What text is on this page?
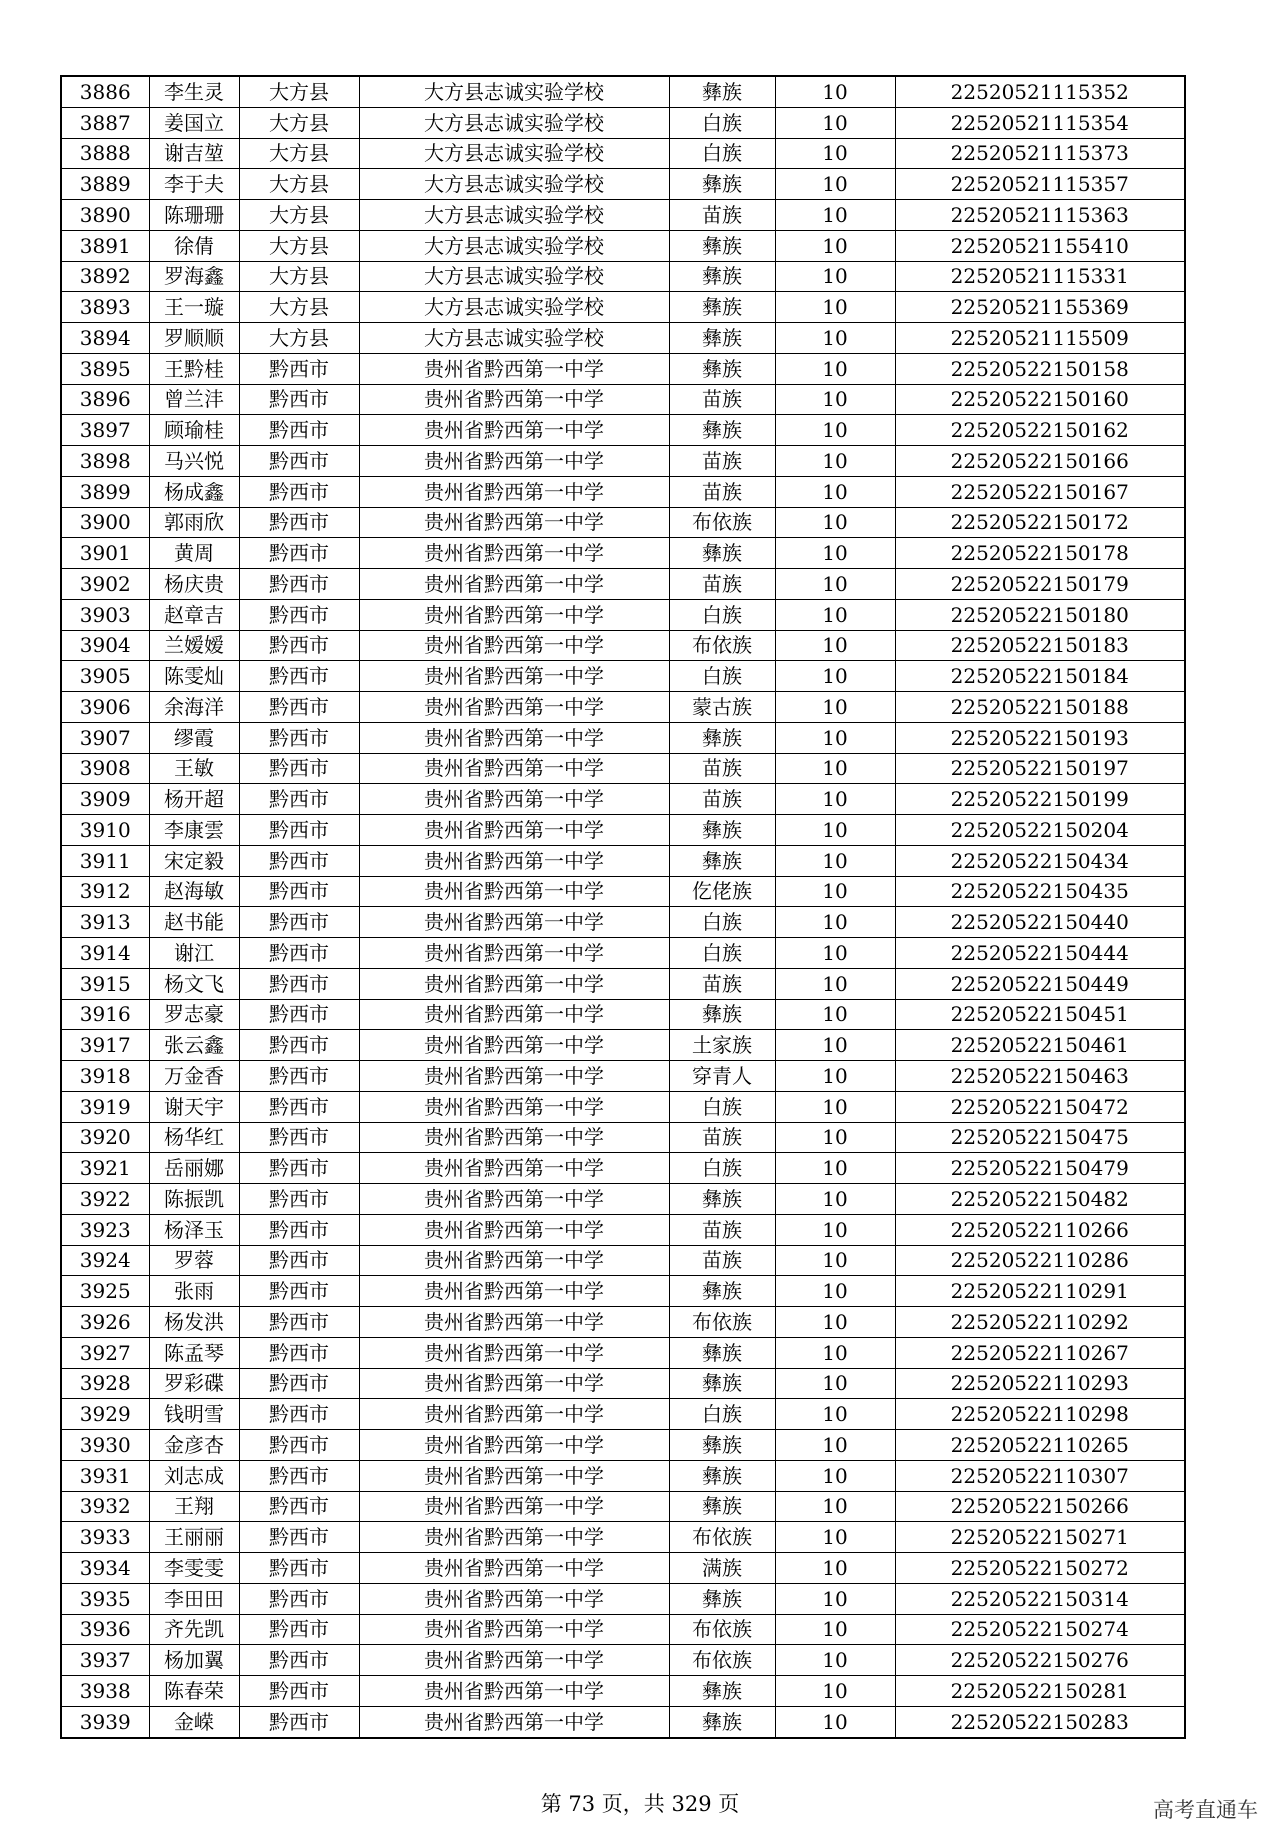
3886	李生灵	大方县	大方县志诚实验学校	彝族	10	22520521115352
3887	姜国立	大方县	大方县志诚实验学校	白族	10	22520521115354
3888	谢吉堃	大方县	大方县志诚实验学校	白族	10	22520521115373
3889	李于夫	大方县	大方县志诚实验学校	彝族	10	22520521115357
3890	陈珊珊	大方县	大方县志诚实验学校	苗族	10	22520521115363
3891	徐倩	大方县	大方县志诚实验学校	彝族	10	22520521155410
3892	罗海鑫	大方县	大方县志诚实验学校	彝族	10	22520521115331
3893	王一璇	大方县	大方县志诚实验学校	彝族	10	22520521155369
3894	罗顺顺	大方县	大方县志诚实验学校	彝族	10	22520521115509
3895	王黔桂	黔西市	贵州省黔西第一中学	彝族	10	22520522150158
3896	曾兰沣	黔西市	贵州省黔西第一中学	苗族	10	22520522150160
3897	顾瑜桂	黔西市	贵州省黔西第一中学	彝族	10	22520522150162
3898	马兴悦	黔西市	贵州省黔西第一中学	苗族	10	22520522150166
3899	杨成鑫	黔西市	贵州省黔西第一中学	苗族	10	22520522150167
3900	郭雨欣	黔西市	贵州省黔西第一中学	布依族	10	22520522150172
3901	黄周	黔西市	贵州省黔西第一中学	彝族	10	22520522150178
3902	杨庆贵	黔西市	贵州省黔西第一中学	苗族	10	22520522150179
3903	赵章吉	黔西市	贵州省黔西第一中学	白族	10	22520522150180
3904	兰嫒嫒	黔西市	贵州省黔西第一中学	布依族	10	22520522150183
3905	陈雯灿	黔西市	贵州省黔西第一中学	白族	10	22520522150184
3906	余海洋	黔西市	贵州省黔西第一中学	蒙古族	10	22520522150188
3907	缪霞	黔西市	贵州省黔西第一中学	彝族	10	22520522150193
3908	王敏	黔西市	贵州省黔西第一中学	苗族	10	22520522150197
3909	杨开超	黔西市	贵州省黔西第一中学	苗族	10	22520522150199
3910	李康雲	黔西市	贵州省黔西第一中学	彝族	10	22520522150204
3911	宋定毅	黔西市	贵州省黔西第一中学	彝族	10	22520522150434
3912	赵海敏	黔西市	贵州省黔西第一中学	仡佬族	10	22520522150435
3913	赵书能	黔西市	贵州省黔西第一中学	白族	10	22520522150440
3914	谢江	黔西市	贵州省黔西第一中学	白族	10	22520522150444
3915	杨文飞	黔西市	贵州省黔西第一中学	苗族	10	22520522150449
3916	罗志豪	黔西市	贵州省黔西第一中学	彝族	10	22520522150451
3917	张云鑫	黔西市	贵州省黔西第一中学	土家族	10	22520522150461
3918	万金香	黔西市	贵州省黔西第一中学	穿青人	10	22520522150463
3919	谢天宇	黔西市	贵州省黔西第一中学	白族	10	22520522150472
3920	杨华红	黔西市	贵州省黔西第一中学	苗族	10	22520522150475
3921	岳丽娜	黔西市	贵州省黔西第一中学	白族	10	22520522150479
3922	陈振凯	黔西市	贵州省黔西第一中学	彝族	10	22520522150482
3923	杨泽玉	黔西市	贵州省黔西第一中学	苗族	10	22520522110266
3924	罗蓉	黔西市	贵州省黔西第一中学	苗族	10	22520522110286
3925	张雨	黔西市	贵州省黔西第一中学	彝族	10	22520522110291
3926	杨发洪	黔西市	贵州省黔西第一中学	布依族	10	22520522110292
3927	陈孟琴	黔西市	贵州省黔西第一中学	彝族	10	22520522110267
3928	罗彩碟	黔西市	贵州省黔西第一中学	彝族	10	22520522110293
3929	钱明雪	黔西市	贵州省黔西第一中学	白族	10	22520522110298
3930	金彦杏	黔西市	贵州省黔西第一中学	彝族	10	22520522110265
3931	刘志成	黔西市	贵州省黔西第一中学	彝族	10	22520522110307
3932	王翔	黔西市	贵州省黔西第一中学	彝族	10	22520522150266
3933	王丽丽	黔西市	贵州省黔西第一中学	布依族	10	22520522150271
3934	李雯雯	黔西市	贵州省黔西第一中学	满族	10	22520522150272
3935	李田田	黔西市	贵州省黔西第一中学	彝族	10	22520522150314
3936	齐先凯	黔西市	贵州省黔西第一中学	布依族	10	22520522150274
3937	杨加翼	黔西市	贵州省黔西第一中学	布依族	10	22520522150276
3938	陈春荣	黔西市	贵州省黔西第一中学	彝族	10	22520522150281
3939	金嵘	黔西市	贵州省黔西第一中学	彝族	10	22520522150283
第 73 页，共 329 页	高考直通车
